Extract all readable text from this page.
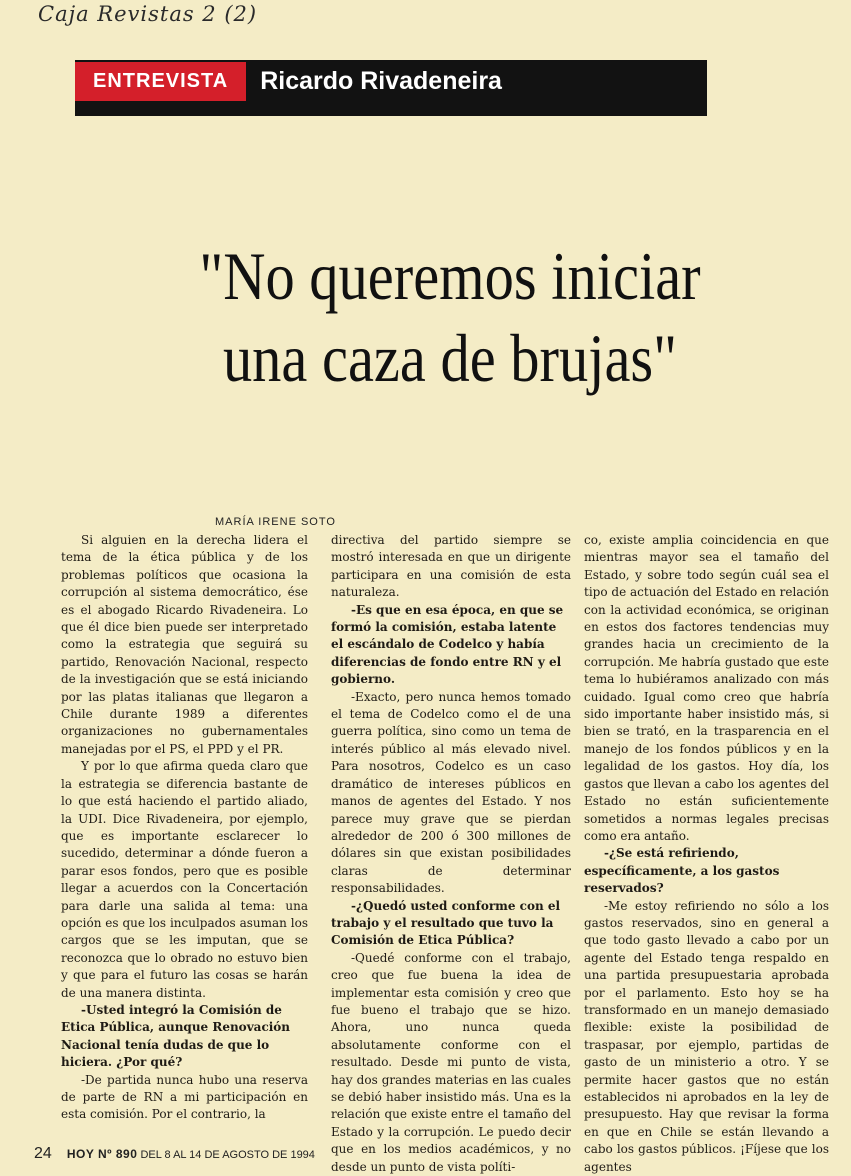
Caja Revistas 2 (2)
ENTREVISTA	Ricardo Rivadeneira
"No queremos iniciar
una caza de brujas"
MARÍA IRENE SOTO

Si alguien en la derecha lidera el tema de la ética pública y de los problemas políticos que ocasiona la corrupción al sistema democrático, ése es el abogado Ricardo Rivadeneira. Lo que él dice bien puede ser interpretado como la estrategia que seguirá su partido, Renovación Nacional, respecto de la investigación que se está iniciando por las platas italianas que llegaron a Chile durante 1989 a diferentes organizaciones no gubernamentales manejadas por el PS, el PPD y el PR.

Y por lo que afirma queda claro que la estrategia se diferencia bastante de lo que está haciendo el partido aliado, la UDI. Dice Rivadeneira, por ejemplo, que es importante esclarecer lo sucedido, determinar a dónde fueron a parar esos fondos, pero que es posible llegar a acuerdos con la Concertación para darle una salida al tema: una opción es que los inculpados asuman los cargos que se les imputan, que se reconozca que lo obrado no estuvo bien y que para el futuro las cosas se harán de una manera distinta.

-Usted integró la Comisión de Etica Pública, aunque Renovación Nacional tenía dudas de que lo hiciera. ¿Por qué?

-De partida nunca hubo una reserva de parte de RN a mi participación en esta comisión. Por el contrario, la

directiva del partido siempre se mostró interesada en que un dirigente participara en una comisión de esta naturaleza.

-Es que en esa época, en que se formó la comisión, estaba latente el escándalo de Codelco y había diferencias de fondo entre RN y el gobierno.

-Exacto, pero nunca hemos tomado el tema de Codelco como el de una guerra política, sino como un tema de interés público al más elevado nivel. Para nosotros, Codelco es un caso dramático de intereses públicos en manos de agentes del Estado. Y nos parece muy grave que se pierdan alrededor de 200 ó 300 millones de dólares sin que existan posibilidades claras de determinar responsabilidades.

-¿Quedó usted conforme con el trabajo y el resultado que tuvo la Comisión de Etica Pública?

-Quedé conforme con el trabajo, creo que fue buena la idea de implementar esta comisión y creo que fue bueno el trabajo que se hizo. Ahora, uno nunca queda absolutamente conforme con el resultado. Desde mi punto de vista, hay dos grandes materias en las cuales se debió haber insistido más. Una es la relación que existe entre el tamaño del Estado y la corrupción. Le puedo decir que en los medios académicos, y no desde un punto de vista políti-

co, existe amplia coincidencia en que mientras mayor sea el tamaño del Estado, y sobre todo según cuál sea el tipo de actuación del Estado en relación con la actividad económica, se originan en estos dos factores tendencias muy grandes hacia un crecimiento de la corrupción. Me habría gustado que este tema lo hubiéramos analizado con más cuidado. Igual como creo que habría sido importante haber insistido más, si bien se trató, en la trasparencia en el manejo de los fondos públicos y en la legalidad de los gastos. Hoy día, los gastos que llevan a cabo los agentes del Estado no están suficientemente sometidos a normas legales precisas como era antaño.

-¿Se está refiriendo, específicamente, a los gastos reservados?

-Me estoy refiriendo no sólo a los gastos reservados, sino en general a que todo gasto llevado a cabo por un agente del Estado tenga respaldo en una partida presupuestaria aprobada por el parlamento. Esto hoy se ha transformado en un manejo demasiado flexible: existe la posibilidad de traspasar, por ejemplo, partidas de gasto de un ministerio a otro. Y se permite hacer gastos que no están establecidos ni aprobados en la ley de presupuesto. Hay que revisar la forma en que en Chile se están llevando a cabo los gastos públicos. ¡Fíjese que los agentes

24 HOY Nº 890 DEL 8 AL 14 DE AGOSTO DE 1994
